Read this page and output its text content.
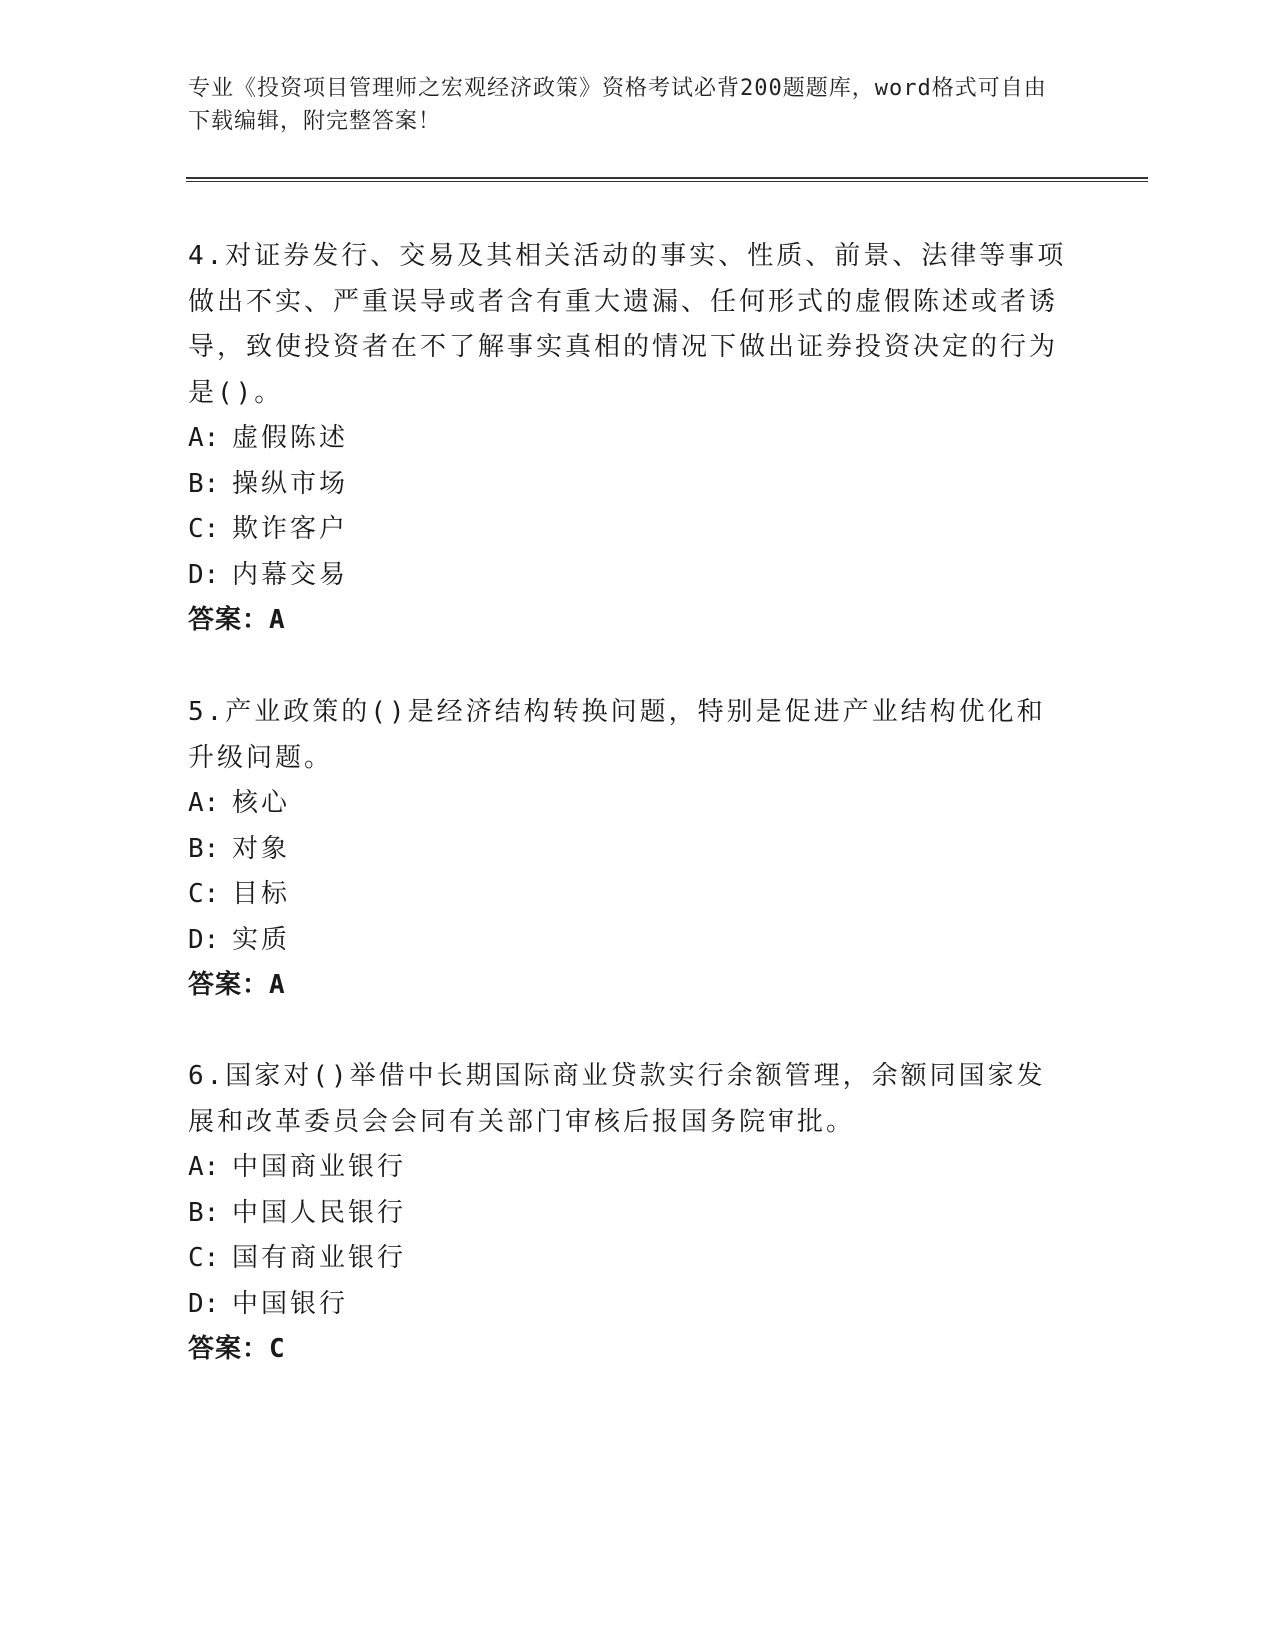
专业《投资项目管理师之宏观经济政策》资格考试必背200题题库，word格式可自由下载编辑，附完整答案！

4.对证券发行、交易及其相关活动的事实、性质、前景、法律等事项做出不实、严重误导或者含有重大遗漏、任何形式的虚假陈述或者诱导，致使投资者在不了解事实真相的情况下做出证券投资决定的行为是()。

A: 虚假陈述

B: 操纵市场

C: 欺诈客户

D: 内幕交易

答案：A

5.产业政策的()是经济结构转换问题，特别是促进产业结构优化和升级问题。

A: 核心

B: 对象

C: 目标

D: 实质

答案：A

6.国家对()举借中长期国际商业贷款实行余额管理，余额同国家发展和改革委员会会同有关部门审核后报国务院审批。

A: 中国商业银行

B: 中国人民银行

C: 国有商业银行

D: 中国银行

答案：C
